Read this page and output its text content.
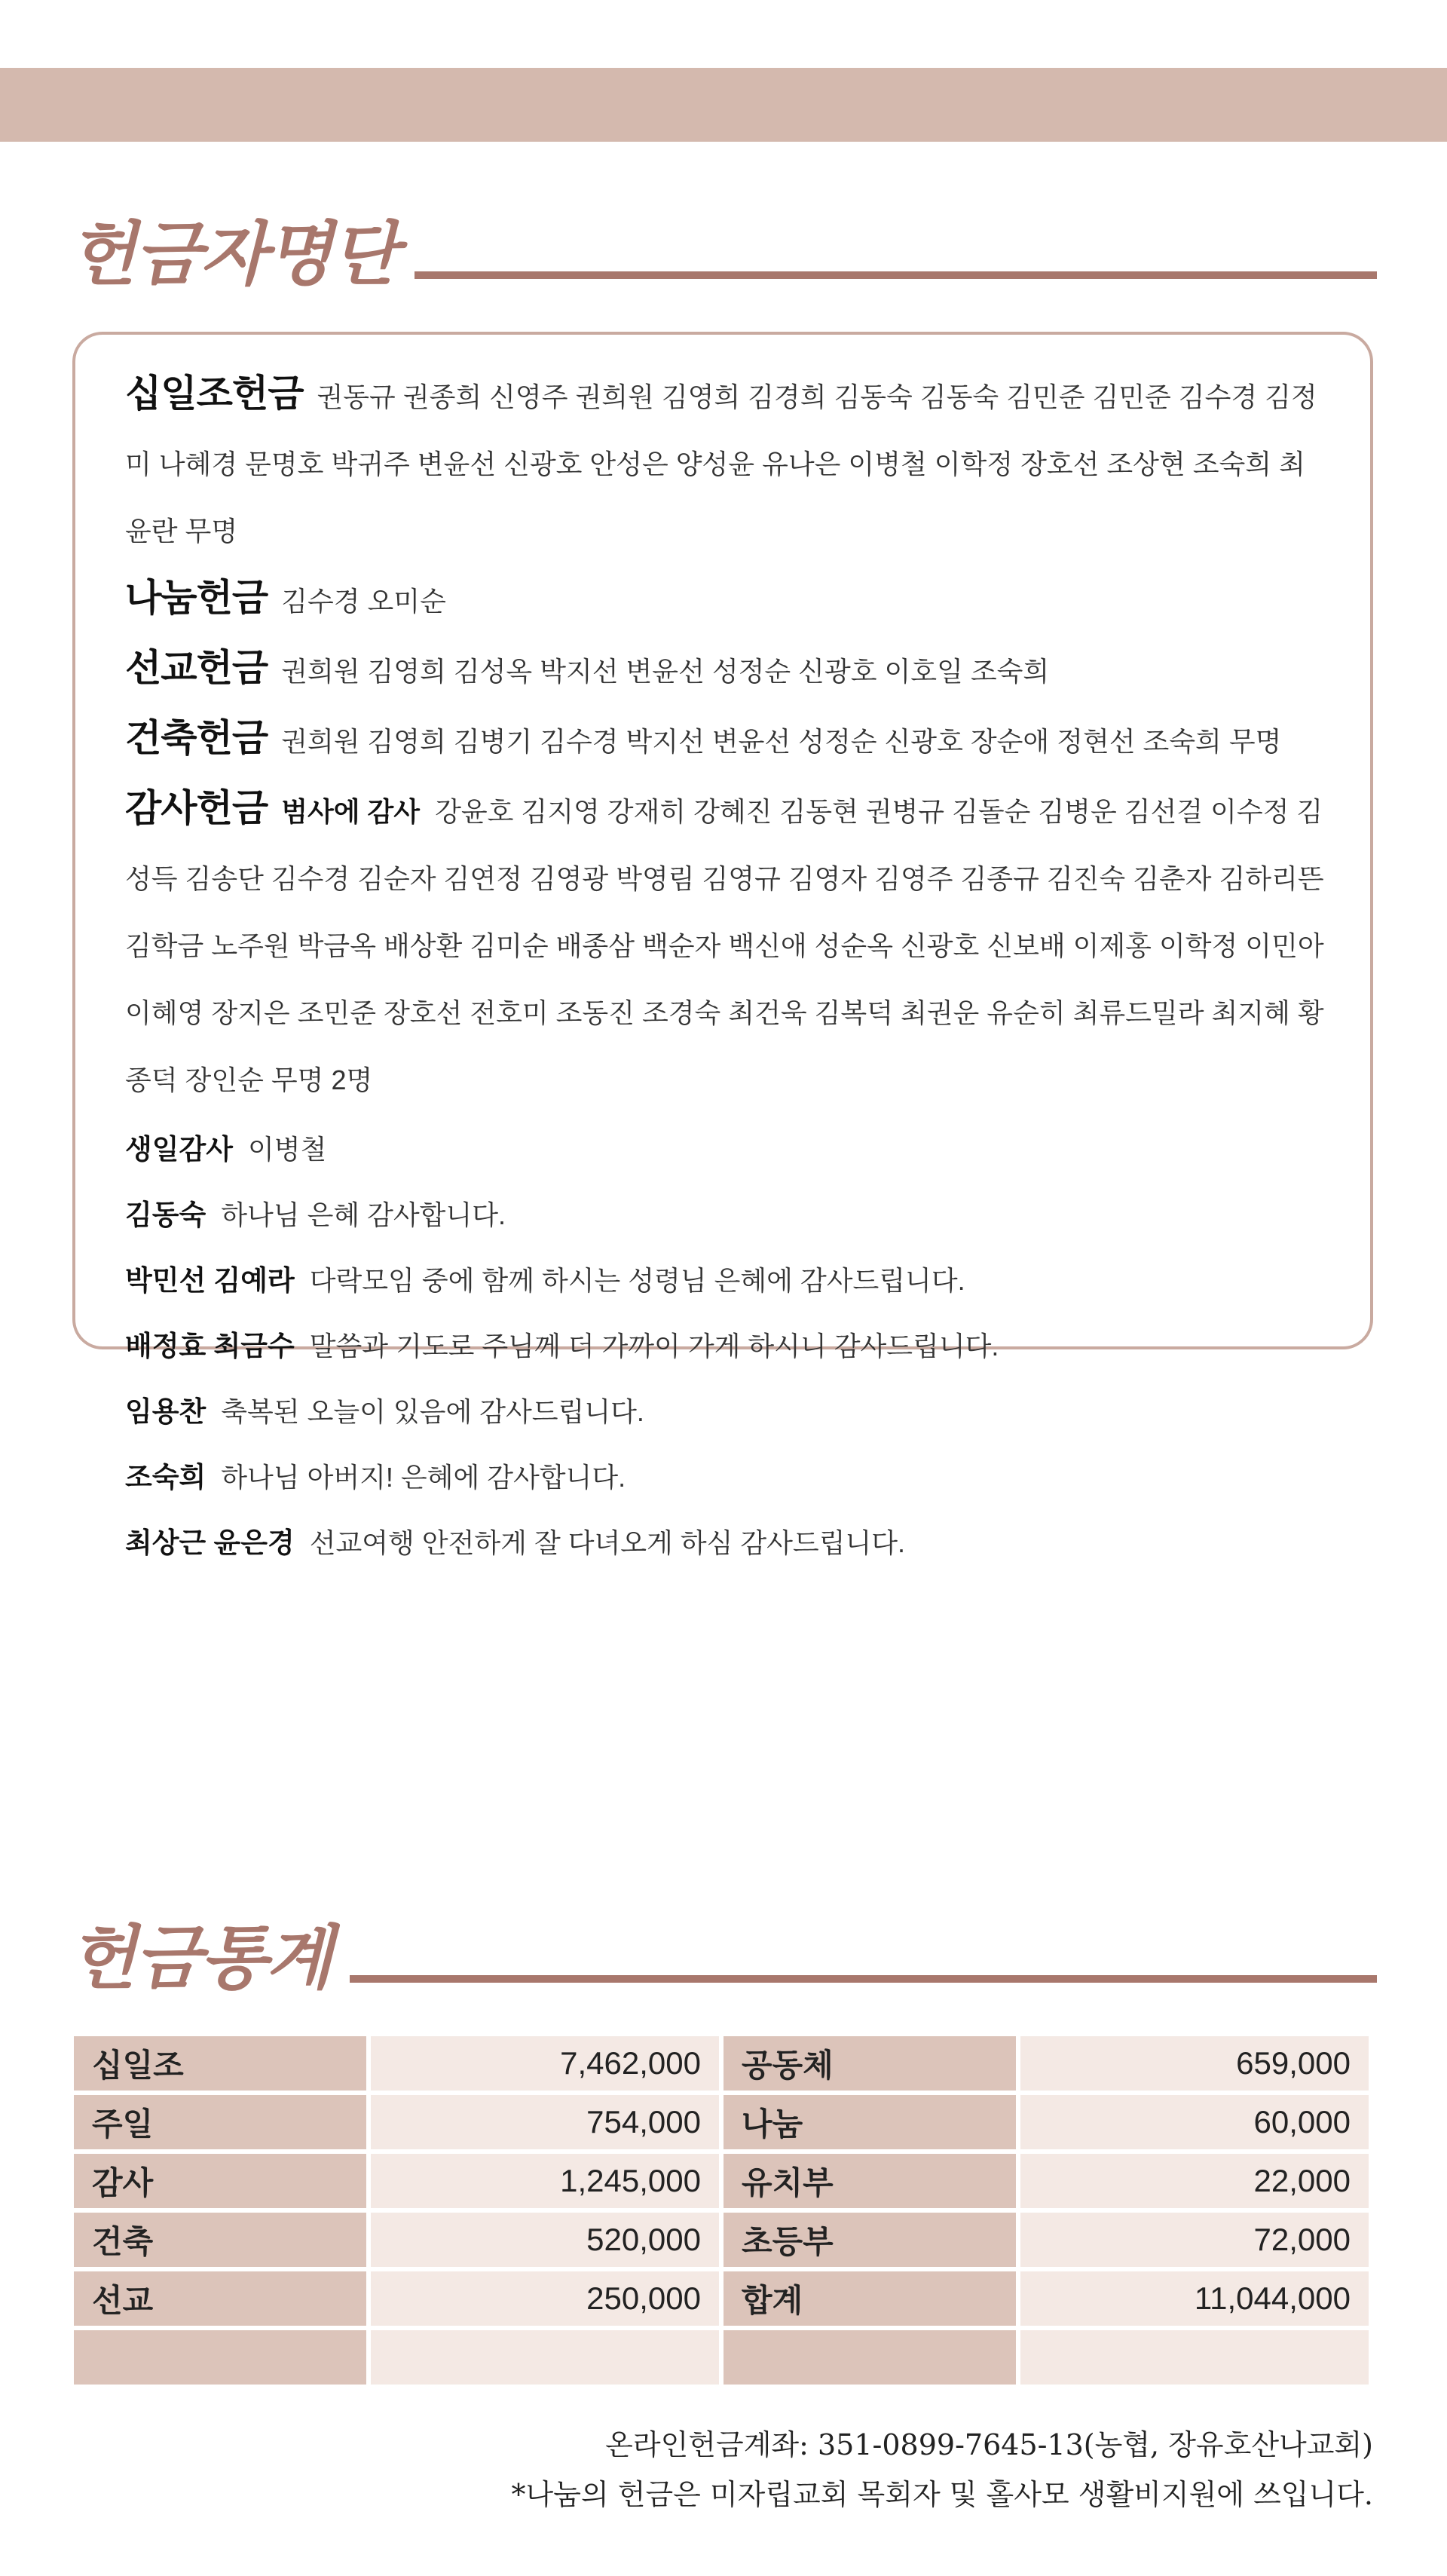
헌금자명단
십일조헌금 권동규 권종희 신영주 권희원 김영희 김경희 김동숙 김동숙 김민준 김민준 김수경 김정미 나혜경 문명호 박귀주 변윤선 신광호 안성은 양성윤 유나은 이병철 이학정 장호선 조상현 조숙희 최윤란 무명
나눔헌금 김수경 오미순
선교헌금 권희원 김영희 김성옥 박지선 변윤선 성정순 신광호 이호일 조숙희
건축헌금 권희원 김영희 김병기 김수경 박지선 변윤선 성정순 신광호 장순애 정현선 조숙희 무명
감사헌금 범사에 감사 강윤호 김지영 강재히 강혜진 김동현 권병규 김돌순 김병운 김선걸 이수정 김성득 김송단 김수경 김순자 김연정 김영광 박영림 김영규 김영자 김영주 김종규 김진숙 김춘자 김하리뜬 김학금 노주원 박금옥 배상환 김미순 배종삼 백순자 백신애 성순옥 신광호 신보배 이제홍 이학정 이민아 이혜영 장지은 조민준 장호선 전호미 조동진 조경숙 최건욱 김복덕 최권운 유순히 최류드밀라 최지혜 황종덕 장인순 무명 2명
생일감사 이병철
김동숙 하나님 은혜 감사합니다.
박민선 김예라 다락모임 중에 함께 하시는 성령님 은혜에 감사드립니다.
배정효 최금수 말씀과 기도로 주님께 더 가까이 가게 하시니 감사드립니다.
임용찬 축복된 오늘이 있음에 감사드립니다.
조숙희 하나님 아버지! 은혜에 감사합니다.
최상근 윤은경 선교여행 안전하게 잘 다녀오게 하심 감사드립니다.
헌금통계
십일조	7,462,000	공동체	659,000
주일	754,000	나눔	60,000
감사	1,245,000	유치부	22,000
건축	520,000	초등부	72,000
선교	250,000	합계	11,044,000

온라인헌금계좌: 351-0899-7645-13(농협, 장유호산나교회)
*나눔의 헌금은 미자립교회 목회자 및 홀사모 생활비지원에 쓰입니다.
